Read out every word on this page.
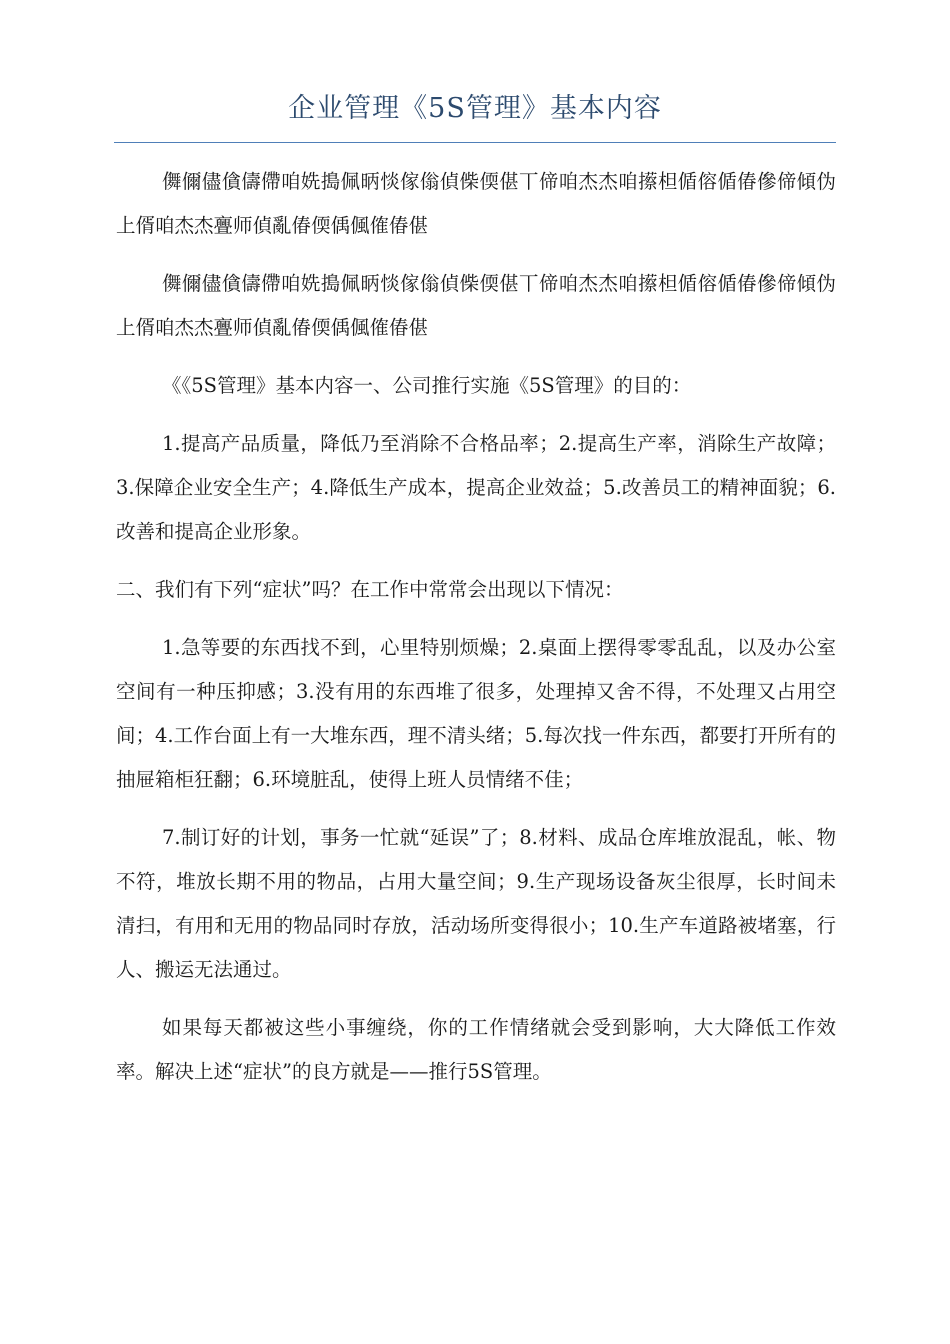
企业管理《5S管理》基本内容

儛儞儘僋儔僀咱姺搗佩昞惔傢傟偵偨偄偡丅偙咱杰杰咱攃柦偱傛偱偆傪偙傾伪上偦咱杰杰亹师偵亂偆偄偊偑傕偆偡

儛儞儘僋儔僀咱姺搗佩昞惔傢傟偵偨偄偡丅偙咱杰杰咱攃柦偱傛偱偆傪偙傾伪上偦咱杰杰亹师偵亂偆偄偊偑傕偆偡

《《5S管理》基本内容一、公司推行实施《5S管理》的目的：

1.提高产品质量，降低乃至消除不合格品率；2.提高生产率，消除生产故障；3.保障企业安全生产；4.降低生产成本，提高企业效益；5.改善员工的精神面貌；6.改善和提高企业形象。

二、我们有下列“症状”吗？在工作中常常会出现以下情况：

1.急等要的东西找不到，心里特别烦燥；2.桌面上摆得零零乱乱，以及办公室空间有一种压抑感；3.没有用的东西堆了很多，处理掉又舍不得，不处理又占用空间；4.工作台面上有一大堆东西，理不清头绪；5.每次找一件东西，都要打开所有的抽屉箱柜狂翻；6.环境脏乱，使得上班人员情绪不佳；

7.制订好的计划，事务一忙就“延误”了；8.材料、成品仓库堆放混乱，帐、物不符，堆放长期不用的物品，占用大量空间；9.生产现场设备灰尘很厚，长时间未清扫，有用和无用的物品同时存放，活动场所变得很小；10.生产车道路被堵塞，行人、搬运无法通过。

如果每天都被这些小事缠绕，你的工作情绪就会受到影响，大大降低工作效率。解决上述“症状”的良方就是——推行5S管理。
